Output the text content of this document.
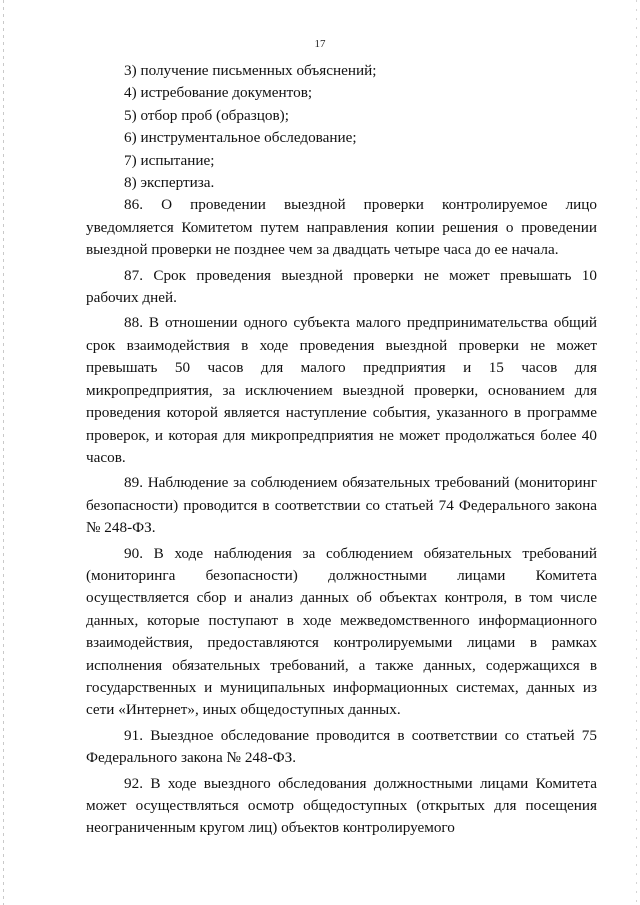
17

3) получение письменных объяснений;

4) истребование документов;

5) отбор проб (образцов);

6) инструментальное обследование;

7) испытание;

8) экспертиза.

86. О проведении выездной проверки контролируемое лицо уведомляется Комитетом путем направления копии решения о проведении выездной проверки не позднее чем за двадцать четыре часа до ее начала.

87. Срок проведения выездной проверки не может превышать 10 рабочих дней.

88. В отношении одного субъекта малого предпринимательства общий срок взаимодействия в ходе проведения выездной проверки не может превышать 50 часов для малого предприятия и 15 часов для микропредприятия, за исключением выездной проверки, основанием для проведения которой является наступление события, указанного в программе проверок, и которая для микропредприятия не может продолжаться более 40 часов.

89. Наблюдение за соблюдением обязательных требований (мониторинг безопасности) проводится в соответствии со статьей 74 Федерального закона № 248-ФЗ.

90. В ходе наблюдения за соблюдением обязательных требований (мониторинга безопасности) должностными лицами Комитета осуществляется сбор и анализ данных об объектах контроля, в том числе данных, которые поступают в ходе межведомственного информационного взаимодействия, предоставляются контролируемыми лицами в рамках исполнения обязательных требований, а также данных, содержащихся в государственных и муниципальных информационных системах, данных из сети «Интернет», иных общедоступных данных.

91. Выездное обследование проводится в соответствии со статьей 75 Федерального закона № 248-ФЗ.

92. В ходе выездного обследования должностными лицами Комитета может осуществляться осмотр общедоступных (открытых для посещения неограниченным кругом лиц) объектов контролируемого
